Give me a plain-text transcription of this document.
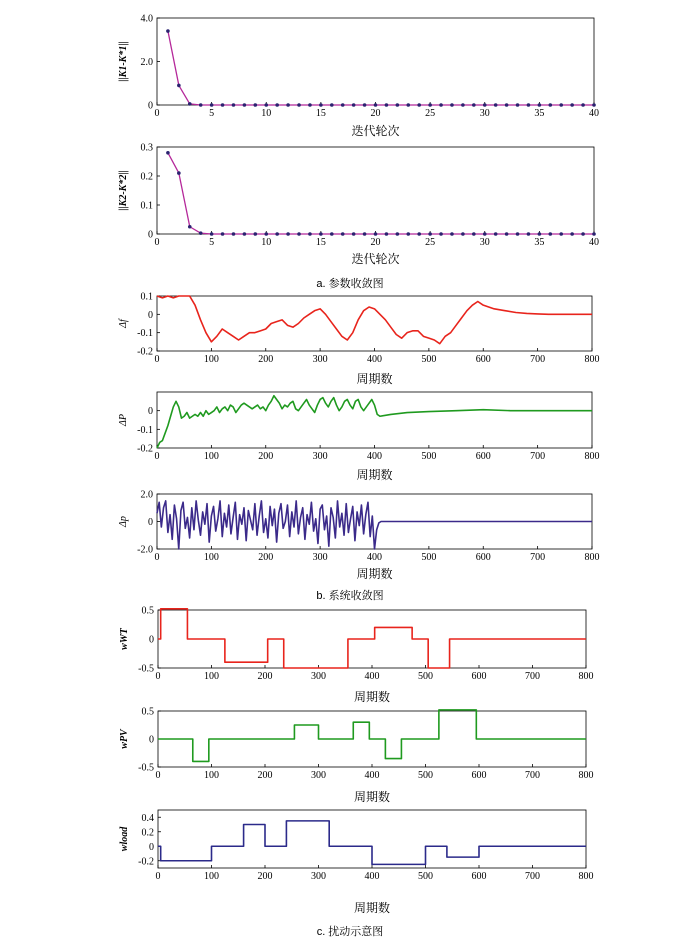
0	5	10	15	20	25	30	35	40
0
2.0
4.0
迭代轮次
||K1-K*1||
0	5	10	15	20	25	30	35	40
0
0.1
0.2
0.3
迭代轮次
||K2-K*2||
0	100	200	300	400	500	600	700	800
-0.2
-0.1
0
0.1
周期数
Δf
0	100	200	300	400	500	600	700	800
-0.2
-0.1
0
周期数
ΔP
0	100	200	300	400	500	600	700	800
-2.0
0
2.0
周期数
Δp
0	100	200	300	400	500	600	700	800
-0.5
0
0.5
周期数
wWT
0	100	200	300	400	500	600	700	800
-0.5
0
0.5
周期数
wPV
0	100	200	300	400	500	600	700	800
-0.2
0
0.2
0.4
周期数
wload
a. 参数收敛图
b. 系统收敛图
c. 扰动示意图
